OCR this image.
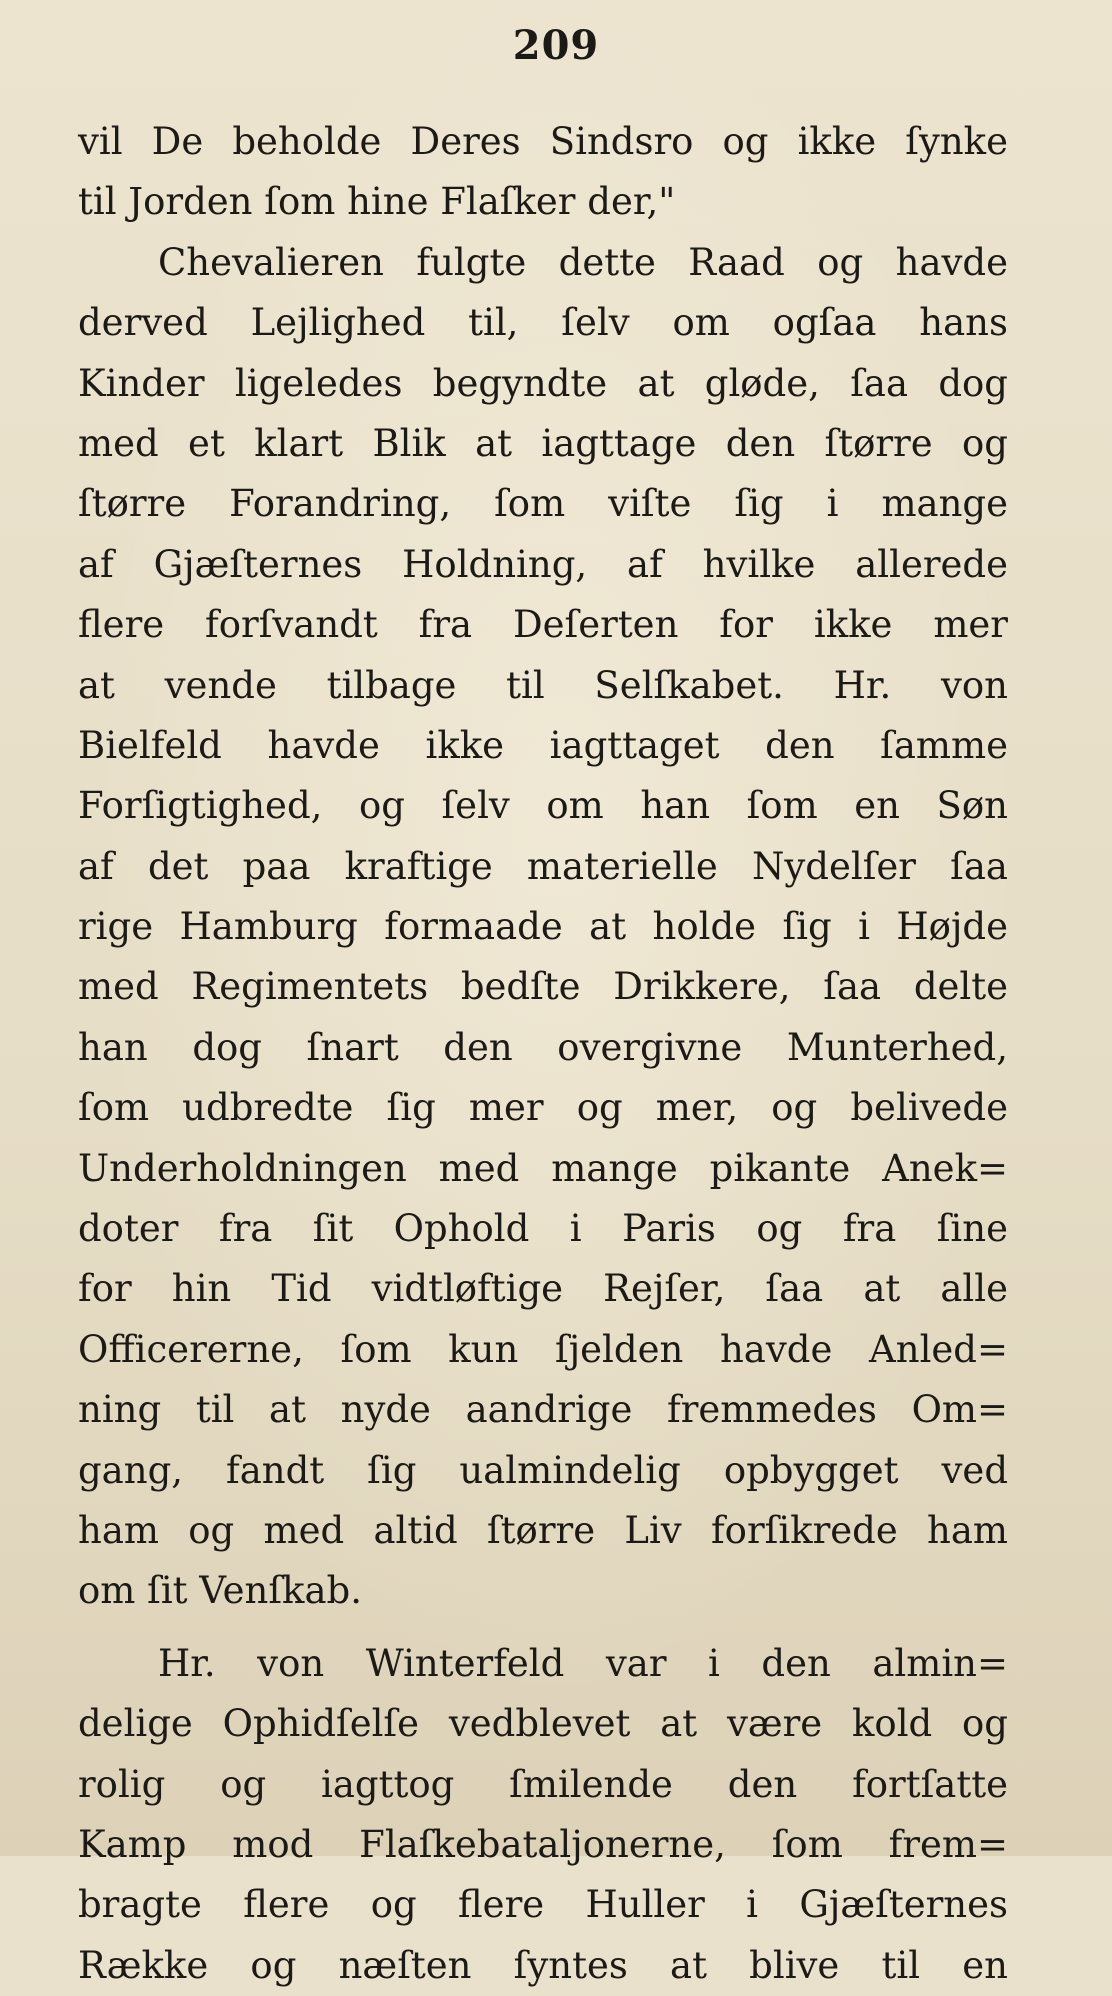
209
vil De beholde Deres Sindsro og ikke ſynke
til Jorden ſom hine Flaſker der,"
Chevalieren fulgte dette Raad og havde
derved Lejlighed til, ſelv om ogſaa hans
Kinder ligeledes begyndte at gløde, ſaa dog
med et klart Blik at iagttage den ſtørre og
ſtørre Forandring, ſom viſte ſig i mange
af Gjæſternes Holdning, af hvilke allerede
flere forſvandt fra Deſerten for ikke mer
at vende tilbage til Selſkabet. Hr. von
Bielfeld havde ikke iagttaget den ſamme
Forſigtighed, og ſelv om han ſom en Søn
af det paa kraftige materielle Nydelſer ſaa
rige Hamburg formaade at holde ſig i Højde
med Regimentets bedſte Drikkere, ſaa delte
han dog ſnart den overgivne Munterhed,
ſom udbredte ſig mer og mer, og belivede
Underholdningen med mange pikante Anek=
doter fra ſit Ophold i Paris og fra ſine
for hin Tid vidtløftige Rejſer, ſaa at alle
Officererne, ſom kun ſjelden havde Anled=
ning til at nyde aandrige fremmedes Om=
gang, fandt ſig ualmindelig opbygget ved
ham og med altid ſtørre Liv forſikrede ham
om ſit Venſkab.
Hr. von Winterfeld var i den almin=
delige Ophidſelſe vedblevet at være kold og
rolig og iagttog ſmilende den fortſatte
Kamp mod Flaſkebataljonerne, ſom frem=
bragte flere og flere Huller i Gjæſternes
Række og næſten ſyntes at blive til en
